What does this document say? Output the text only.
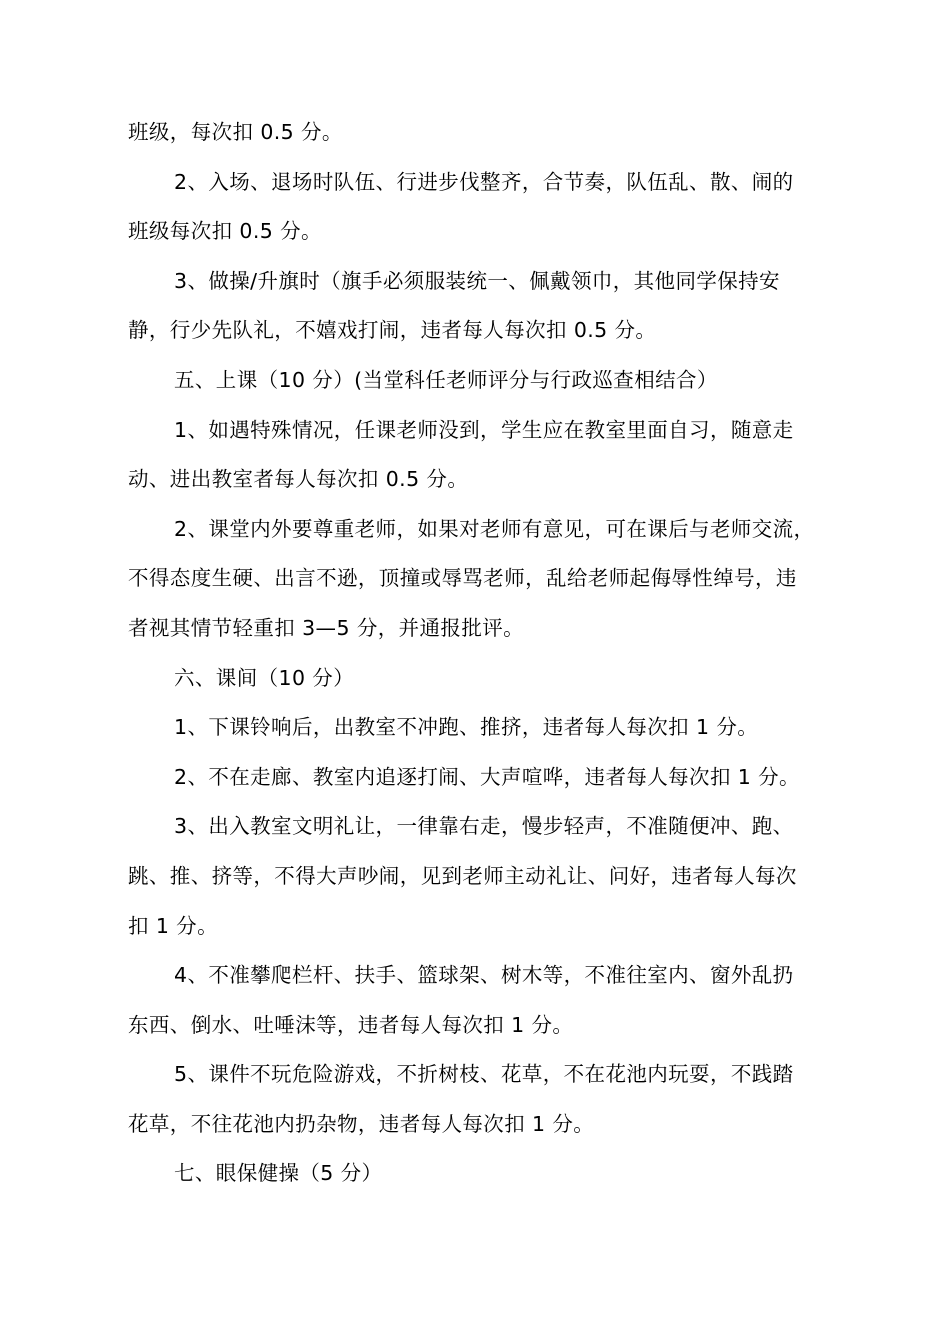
班级，每次扣 0.5 分。
2、入场、退场时队伍、行进步伐整齐，合节奏，队伍乱、散、闹的
班级每次扣 0.5 分。
3、做操/升旗时（旗手必须服装统一、佩戴领巾，其他同学保持安
静，行少先队礼，不嬉戏打闹，违者每人每次扣 0.5 分。
五、上课（10 分）(当堂科任老师评分与行政巡查相结合）
1、如遇特殊情况，任课老师没到，学生应在教室里面自习，随意走
动、进出教室者每人每次扣 0.5 分。
2、课堂内外要尊重老师，如果对老师有意见，可在课后与老师交流，
不得态度生硬、出言不逊，顶撞或辱骂老师，乱给老师起侮辱性绰号，违
者视其情节轻重扣 3—5 分，并通报批评。
六、课间（10 分）
1、下课铃响后，出教室不冲跑、推挤，违者每人每次扣 1 分。
2、不在走廊、教室内追逐打闹、大声喧哗，违者每人每次扣 1 分。
3、出入教室文明礼让，一律靠右走，慢步轻声，不准随便冲、跑、
跳、推、挤等，不得大声吵闹，见到老师主动礼让、问好，违者每人每次
扣 1 分。
4、不准攀爬栏杆、扶手、篮球架、树木等，不准往室内、窗外乱扔
东西、倒水、吐唾沫等，违者每人每次扣 1 分。
5、课件不玩危险游戏，不折树枝、花草，不在花池内玩耍，不践踏
花草，不往花池内扔杂物，违者每人每次扣 1 分。
七、眼保健操（5 分）
